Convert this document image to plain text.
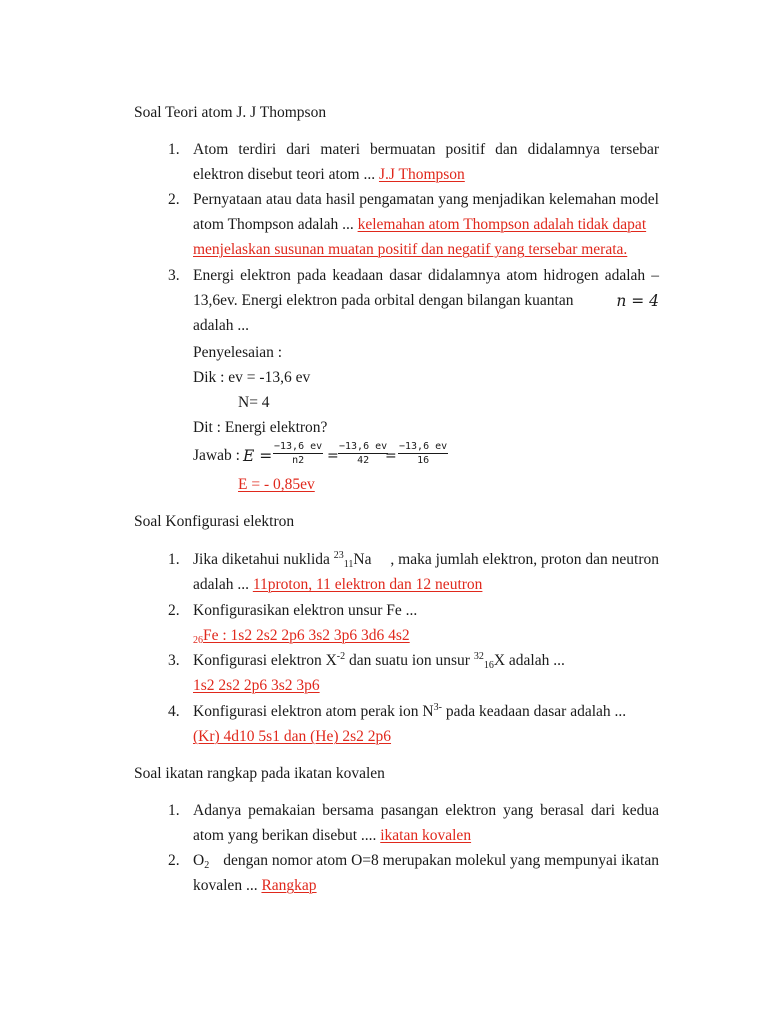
Soal Teori atom J. J Thompson
1. Atom terdiri dari materi bermuatan positif dan didalamnya tersebar
elektron disebut teori atom ... J.J Thompson
2. Pernyataan atau data hasil pengamatan yang menjadikan kelemahan model
atom Thompson adalah ... kelemahan atom Thompson adalah tidak dapat
menjelaskan susunan muatan positif dan negatif yang tersebar merata.
3. Energi elektron pada keadaan dasar didalamnya atom hidrogen adalah –
13,6ev. Energi elektron pada orbital dengan bilangan kuantan	n = 4
adalah ...
Penyelesaian :
Dik : ev = -13,6 ev
N= 4
Dit : Energi elektron?
Jawab : $E = \frac{-13,6 ev}{n2} = \frac{-13,6 ev}{42}$
= $\frac{-13,6 ev}{16}$
E = - 0,85ev
Soal Konfigurasi elektron
1. Jika diketahui nuklida $^{23}_{11}$Na , maka jumlah elektron, proton dan neutron
adalah ... 11proton, 11 elektron dan 12 neutron
2. Konfigurasikan elektron unsur Fe ...
$_{26}$Fe : 1s2 2s2 2p6 3s2 3p6 3d6 4s2
3. Konfigurasi elektron $X^{-2}$ dan suatu ion unsur $^{32}_{16}$X adalah ...
1s2 2s2 2p6 3s2 3p6
4. Konfigurasi elektron atom perak ion $N^{3-}$ pada keadaan dasar adalah ...
(Kr) 4d10 5s1 dan (He) 2s2 2p6
Soal ikatan rangkap pada ikatan kovalen
1. Adanya pemakaian bersama pasangan elektron yang berasal dari kedua
atom yang berikan disebut .... ikatan kovalen
2. $O_2$ dengan nomor atom O=8 merupakan molekul yang mempunyai ikatan
kovalen ... Rangkap
